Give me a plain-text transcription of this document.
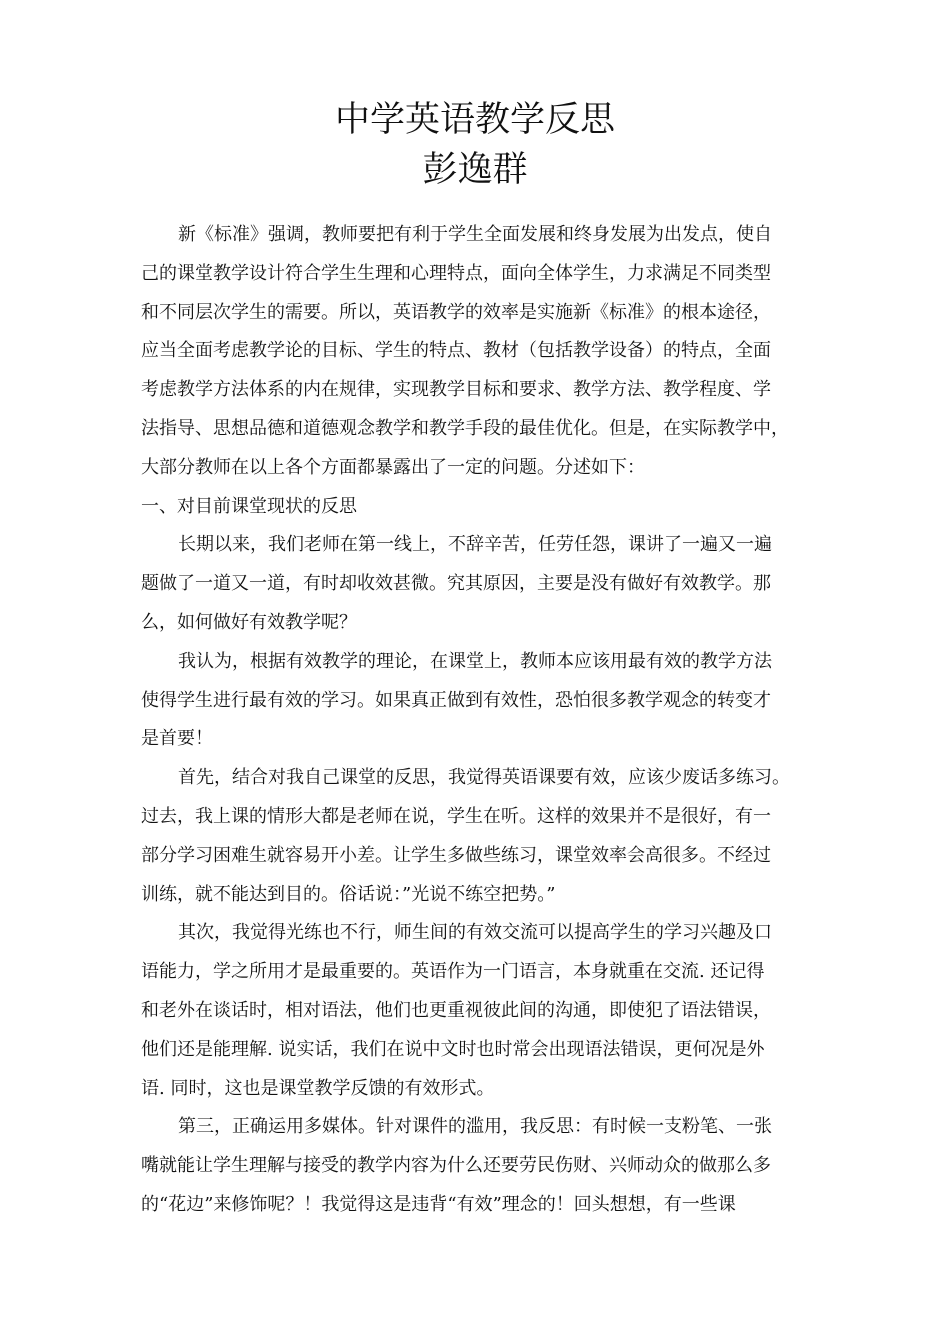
中学英语教学反思
彭逸群
新《标准》强调，教师要把有利于学生全面发展和终身发展为出发点，使自
己的课堂教学设计符合学生生理和心理特点，面向全体学生，力求满足不同类型
和不同层次学生的需要。所以，英语教学的效率是实施新《标准》的根本途径，
应当全面考虑教学论的目标、学生的特点、教材（包括教学设备）的特点，全面
考虑教学方法体系的内在规律，实现教学目标和要求、教学方法、教学程度、学
法指导、思想品德和道德观念教学和教学手段的最佳优化。但是，在实际教学中，
大部分教师在以上各个方面都暴露出了一定的问题。分述如下：
一、对目前课堂现状的反思
长期以来，我们老师在第一线上，不辞辛苦，任劳任怨，课讲了一遍又一遍
题做了一道又一道，有时却收效甚微。究其原因，主要是没有做好有效教学。那
么，如何做好有效教学呢？
我认为，根据有效教学的理论，在课堂上，教师本应该用最有效的教学方法
使得学生进行最有效的学习。如果真正做到有效性，恐怕很多教学观念的转变才
是首要！
首先，结合对我自己课堂的反思，我觉得英语课要有效，应该少废话多练习。
过去，我上课的情形大都是老师在说，学生在听。这样的效果并不是很好，有一
部分学习困难生就容易开小差。让学生多做些练习，课堂效率会高很多。不经过
训练，就不能达到目的。俗话说：”光说不练空把势。”
其次，我觉得光练也不行，师生间的有效交流可以提高学生的学习兴趣及口
语能力，学之所用才是最重要的。英语作为一门语言，本身就重在交流. 还记得
和老外在谈话时，相对语法，他们也更重视彼此间的沟通，即使犯了语法错误，
他们还是能理解. 说实话，我们在说中文时也时常会出现语法错误，更何况是外
语. 同时，这也是课堂教学反馈的有效形式。
第三，正确运用多媒体。针对课件的滥用，我反思：有时候一支粉笔、一张
嘴就能让学生理解与接受的教学内容为什么还要劳民伤财、兴师动众的做那么多
的“花边”来修饰呢？！我觉得这是违背“有效”理念的！回头想想，有一些课
